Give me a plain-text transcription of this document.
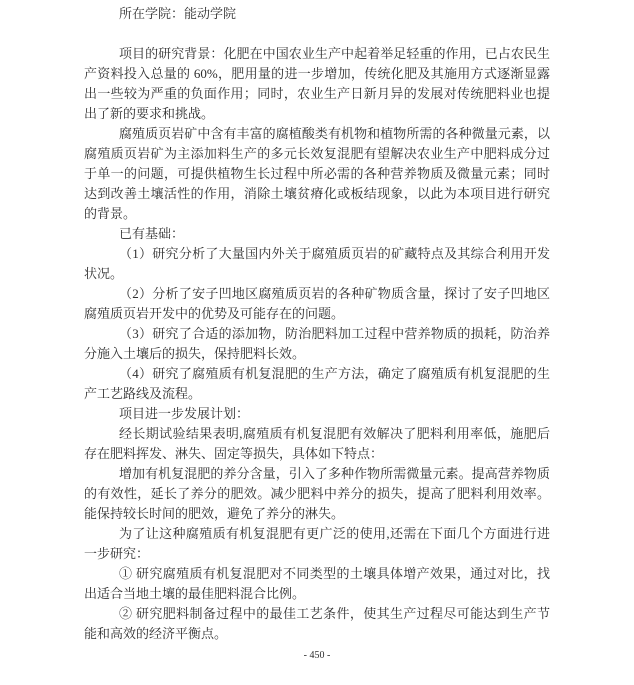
所在学院：能动学院

项目的研究背景：化肥在中国农业生产中起着举足轻重的作用，已占农民生产资料投入总量的 60%，肥用量的进一步增加，传统化肥及其施用方式逐渐显露出一些较为严重的负面作用；同时，农业生产日新月异的发展对传统肥料业也提出了新的要求和挑战。

腐殖质页岩矿中含有丰富的腐植酸类有机物和植物所需的各种微量元素，以腐殖质页岩矿为主添加料生产的多元长效复混肥有望解决农业生产中肥料成分过于单一的问题，可提供植物生长过程中所必需的各种营养物质及微量元素；同时达到改善土壤活性的作用，消除土壤贫瘠化或板结现象，以此为本项目进行研究的背景。

已有基础：

（1）研究分析了大量国内外关于腐殖质页岩的矿藏特点及其综合利用开发状况。

（2）分析了安子凹地区腐殖质页岩的各种矿物质含量，探讨了安子凹地区腐殖质页岩开发中的优势及可能存在的问题。

（3）研究了合适的添加物，防治肥料加工过程中营养物质的损耗，防治养分施入土壤后的损失，保持肥料长效。

（4）研究了腐殖质有机复混肥的生产方法，确定了腐殖质有机复混肥的生产工艺路线及流程。

项目进一步发展计划：

经长期试验结果表明,腐殖质有机复混肥有效解决了肥料利用率低，施肥后存在肥料挥发、淋失、固定等损失，具体如下特点：

增加有机复混肥的养分含量，引入了多种作物所需微量元素。提高营养物质的有效性，延长了养分的肥效。减少肥料中养分的损失，提高了肥料利用效率。能保持较长时间的肥效，避免了养分的淋失。

为了让这种腐殖质有机复混肥有更广泛的使用,还需在下面几个方面进行进一步研究：

① 研究腐殖质有机复混肥对不同类型的土壤具体增产效果，通过对比，找出适合当地土壤的最佳肥料混合比例。

② 研究肥料制备过程中的最佳工艺条件，使其生产过程尽可能达到生产节能和高效的经济平衡点。

- 450 -
